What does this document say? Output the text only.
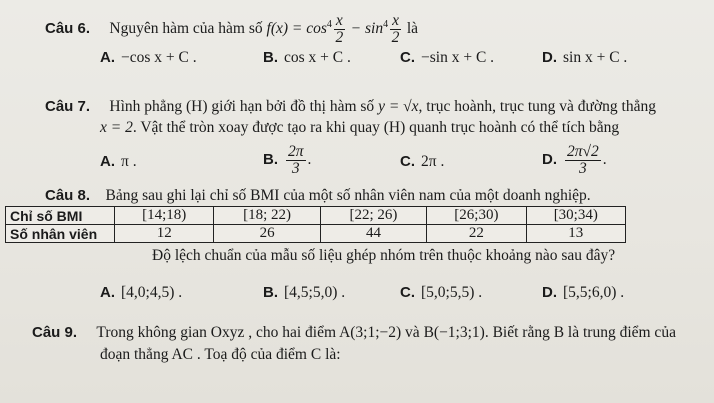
Câu 6. Nguyên hàm của hàm số $f(x) = \cos^4 \frac{x}{2} - \sin^4 \frac{x}{2}$ là
A. −cos x + C .	B. cos x + C .	C. −sin x + C .	D. sin x + C .
Câu 7. Hình phẳng (H) giới hạn bởi đồ thị hàm số y = √x, trục hoành, trục tung và đường thẳng
x = 2. Vật thể tròn xoay được tạo ra khi quay (H) quanh trục hoành có thể tích bằng
A. π .	B. $\frac{2\pi}{3}$ .	C. 2π .	D. $\frac{2\pi√2}{3}$ .
Câu 8. Bảng sau ghi lại chỉ số BMI của một số nhân viên nam của một doanh nghiệp.
Chỉ số BMI	[14;18)	[18; 22)	[22; 26)	[26;30)	[30;34)
Số nhân viên	12	26	44	22	13
Độ lệch chuẩn của mẫu số liệu ghép nhóm trên thuộc khoảng nào sau đây?
A. [4,0;4,5) .	B. [4,5;5,0) .	C. [5,0;5,5) .	D. [5,5;6,0) .
Câu 9. Trong không gian Oxyz , cho hai điểm A(3;1;−2) và B(−1;3;1). Biết rằng B là trung điểm của
đoạn thẳng AC . Toạ độ của điểm C là:
